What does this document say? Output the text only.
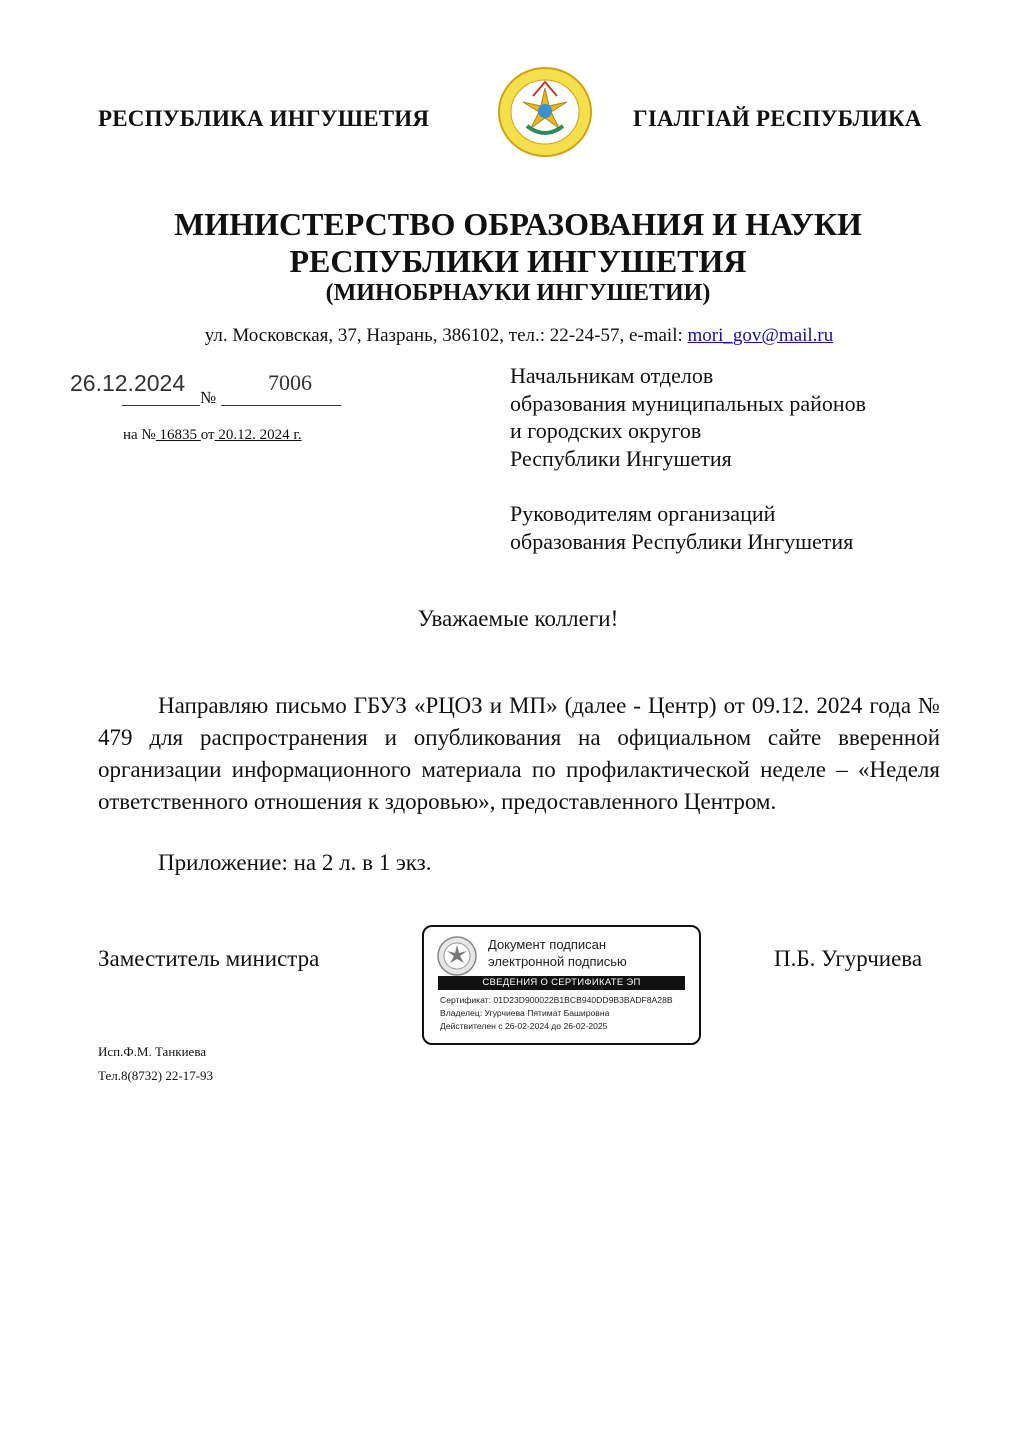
РЕСПУБЛИКА ИНГУШЕТИЯ	ГIАЛГIАЙ РЕСПУБЛИКА
МИНИСТЕРСТВО ОБРАЗОВАНИЯ И НАУКИ
РЕСПУБЛИКИ ИНГУШЕТИЯ
(МИНОБРНАУКИ ИНГУШЕТИИ)
ул. Московская, 37, Назрань, 386102, тел.: 22-24-57, e-mail: mori_gov@mail.ru
26.12.2024	7006
№
на № 16835 от 20.12. 2024 г.
Начальникам отделов
образования муниципальных районов
и городских округов
Республики Ингушетия
Руководителям организаций
образования Республики Ингушетия
Уважаемые коллеги!
Направляю письмо ГБУЗ «РЦОЗ и МП» (далее - Центр) от 09.12. 2024 года № 479 для распространения и опубликования на официальном сайте вверенной организации информационного материала по профилактической неделе – «Неделя ответственного отношения к здоровью», предоставленного Центром.
Приложение: на 2 л. в 1 экз.
Заместитель министра
Документ подписан
электронной подписью
СВЕДЕНИЯ О СЕРТИФИКАТЕ ЭП
Сертификат: 01D23D900022B1BCB940DD9B3BADF8A28B
Владелец: Угурчиева Пятимат Башировна
Действителен с 26-02-2024 до 26-02-2025
П.Б. Угурчиева
Исп.Ф.М. Танкиева
Тел.8(8732) 22-17-93
